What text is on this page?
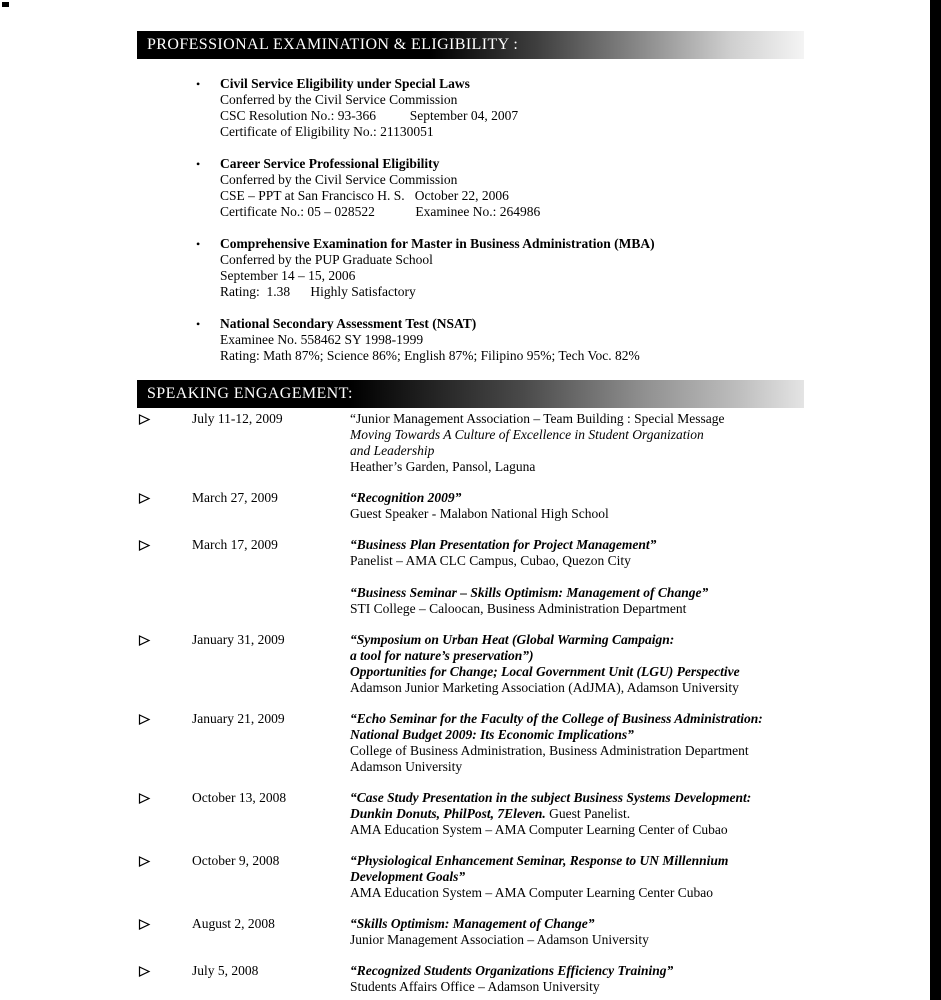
PROFESSIONAL EXAMINATION & ELIGIBILITY :
•	Civil Service Eligibility under Special Laws
Conferred by the Civil Service Commission
CSC Resolution No.: 93-366          September 04, 2007
Certificate of Eligibility No.: 21130051
•	Career Service Professional Eligibility
Conferred by the Civil Service Commission
CSE – PPT at San Francisco H. S.   October 22, 2006
Certificate No.: 05 – 028522            Examinee No.: 264986
•	Comprehensive Examination for Master in Business Administration (MBA)
Conferred by the PUP Graduate School
September 14 – 15, 2006
Rating:  1.38      Highly Satisfactory
•	National Secondary Assessment Test (NSAT)
Examinee No. 558462 SY 1998-1999
Rating: Math 87%; Science 86%; English 87%; Filipino 95%; Tech Voc. 82%
SPEAKING ENGAGEMENT:
July 11-12, 2009	“Junior Management Association – Team Building : Special Message
Moving Towards A Culture of Excellence in Student Organization
and Leadership
Heather’s Garden, Pansol, Laguna
March 27, 2009	“Recognition 2009”
Guest Speaker - Malabon National High School
March 17, 2009	“Business Plan Presentation for Project Management”
Panelist – AMA CLC Campus, Cubao, Quezon City
“Business Seminar – Skills Optimism: Management of Change”
STI College – Caloocan, Business Administration Department
January 31, 2009	“Symposium on Urban Heat (Global Warming Campaign:
a tool for nature’s preservation”)
Opportunities for Change; Local Government Unit (LGU) Perspective
Adamson Junior Marketing Association (AdJMA), Adamson University
January 21, 2009	“Echo Seminar for the Faculty of the College of Business Administration:
National Budget 2009: Its Economic Implications”
College of Business Administration, Business Administration Department
Adamson University
October 13, 2008	“Case Study Presentation in the subject Business Systems Development:
Dunkin Donuts, PhilPost, 7Eleven. Guest Panelist.
AMA Education System – AMA Computer Learning Center of Cubao
October 9, 2008	“Physiological Enhancement Seminar, Response to UN Millennium
Development Goals”
AMA Education System – AMA Computer Learning Center Cubao
August 2, 2008	“Skills Optimism: Management of Change”
Junior Management Association – Adamson University
July 5, 2008	“Recognized Students Organizations Efficiency Training”
Students Affairs Office – Adamson University
